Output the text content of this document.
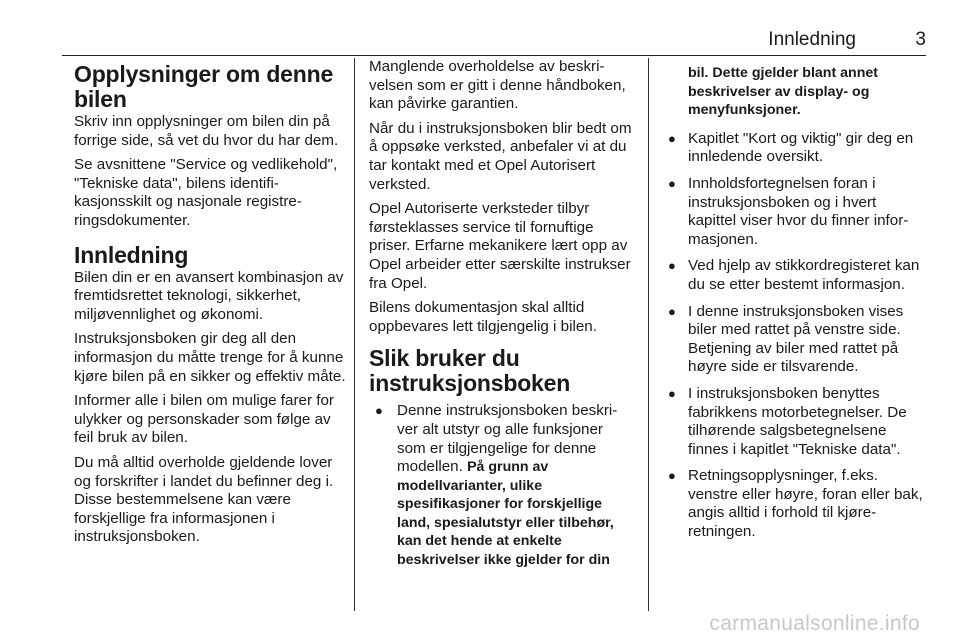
Innledning	3
Opplysninger om denne bilen

Skriv inn opplysninger om bilen din på forrige side, så vet du hvor du har dem.

Se avsnittene "Service og vedlikehold", "Tekniske data", bilens identifikasjonsskilt og nasjonale registreringsdokumenter.

Innledning

Bilen din er en avansert kombinasjon av fremtidsrettet teknologi, sikkerhet, miljøvennlighet og økonomi.

Instruksjonsboken gir deg all den informasjon du måtte trenge for å kunne kjøre bilen på en sikker og effektiv måte.

Informer alle i bilen om mulige farer for ulykker og personskader som følge av feil bruk av bilen.

Du må alltid overholde gjeldende lover og forskrifter i landet du befinner deg i. Disse bestemmelsene kan være forskjellige fra informasjonen i instruksjonsboken.

Manglende overholdelse av beskrivelsen som er gitt i denne håndboken, kan påvirke garantien.

Når du i instruksjonsboken blir bedt om å oppsøke verksted, anbefaler vi at du tar kontakt med et Opel Autorisert verksted.

Opel Autoriserte verksteder tilbyr førsteklasses service til fornuftige priser. Erfarne mekanikere lært opp av Opel arbeider etter særskilte instrukser fra Opel.

Bilens dokumentasjon skal alltid oppbevares lett tilgjengelig i bilen.

Slik bruker du instruksjonsboken
● Denne instruksjonsboken beskriver alt utstyr og alle funksjoner som er tilgjengelige for denne modellen. På grunn av modellvarianter, ulike spesifikasjoner for forskjellige land, spesialutstyr eller tilbehør, kan det hende at enkelte beskrivelser ikke gjelder for din
bil. Dette gjelder blant annet beskrivelser av display- og menyfunksjoner.
● Kapitlet "Kort og viktig" gir deg en innledende oversikt.
● Innholdsfortegnelsen foran i instruksjonsboken og i hvert kapittel viser hvor du finner informasjonen.
● Ved hjelp av stikkordregisteret kan du se etter bestemt informasjon.
● I denne instruksjonsboken vises biler med rattet på venstre side. Betjening av biler med rattet på høyre side er tilsvarende.
● I instruksjonsboken benyttes fabrikkens motorbetegnelser. De tilhørende salgsbetegnelsene finnes i kapitlet "Tekniske data".
● Retningsopplysninger, f.eks. venstre eller høyre, foran eller bak, angis alltid i forhold til kjøreretningen.
carmanualsonline.info
